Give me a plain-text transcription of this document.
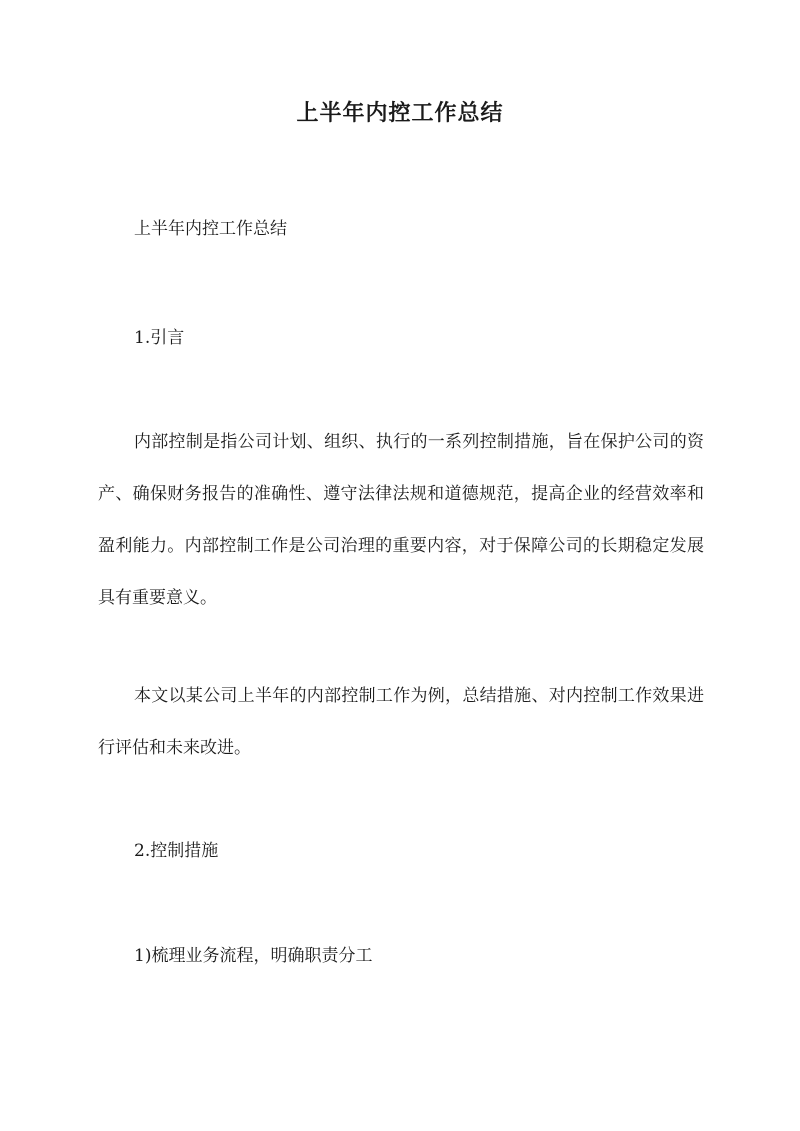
上半年内控工作总结

上半年内控工作总结

1.引言

内部控制是指公司计划、组织、执行的一系列控制措施，旨在保护公司的资产、确保财务报告的准确性、遵守法律法规和道德规范，提高企业的经营效率和盈利能力。内部控制工作是公司治理的重要内容，对于保障公司的长期稳定发展具有重要意义。

本文以某公司上半年的内部控制工作为例，总结措施、对内控制工作效果进行评估和未来改进。

2.控制措施

1)梳理业务流程，明确职责分工
